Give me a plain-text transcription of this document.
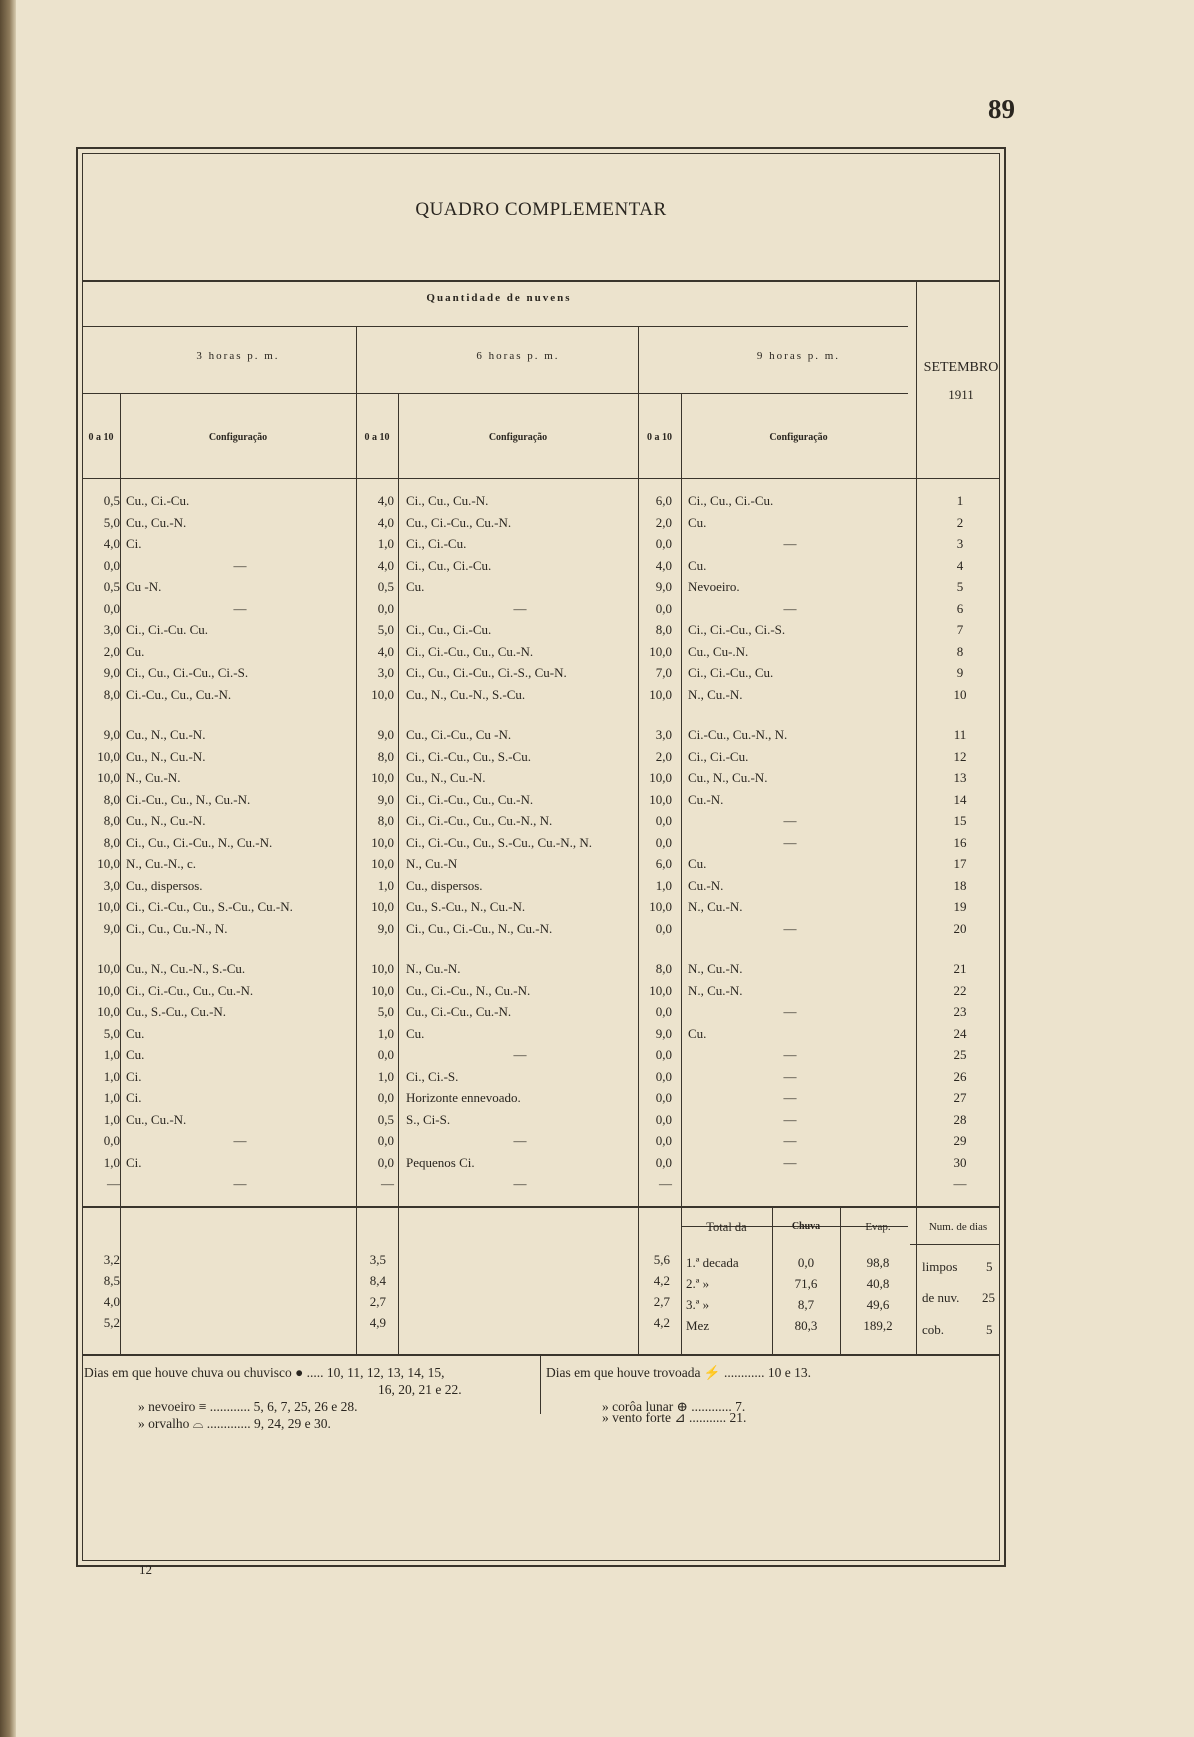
89
QUADRO COMPLEMENTAR
Quantidade de nuvens
3 horas p. m.	6 horas p. m.	9 horas p. m.
SETEMBRO
1911
0 a 10	Configuração	0 a 10	Configuração	0 a 10	Configuração
0,5 Cu., Ci.-Cu.	4,0 Ci., Cu., Cu.-N.	6,0 Ci., Cu., Ci.-Cu.	1
5,0 Cu., Cu.-N.	4,0 Cu., Ci.-Cu., Cu.-N.	2,0 Cu.	2
4,0 Ci.	1,0 Ci., Ci.-Cu.	0,0	—	3
0,0	—	4,0 Ci., Cu., Ci.-Cu.	4,0 Cu.	4
0,5 Cu -N.	0,5 Cu.	9,0 Nevoeiro.	5
0,0	—	0,0	—	0,0	—	6
3,0 Ci., Ci.-Cu. Cu.	5,0 Ci., Cu., Ci.-Cu.	8,0 Ci., Ci.-Cu., Ci.-S.	7
2,0 Cu.	4,0 Ci., Ci.-Cu., Cu., Cu.-N.	10,0 Cu., Cu-.N.	8
9,0 Ci., Cu., Ci.-Cu., Ci.-S.	3,0 Ci., Cu., Ci.-Cu., Ci.-S., Cu-N.	7,0 Ci., Ci.-Cu., Cu.	9
8,0 Ci.-Cu., Cu., Cu.-N.	10,0 Cu., N., Cu.-N., S.-Cu.	10,0 N., Cu.-N.	10
9,0 Cu., N., Cu.-N.	9,0 Cu., Ci.-Cu., Cu -N.	3,0 Ci.-Cu., Cu.-N., N.	11
10,0 Cu., N., Cu.-N.	8,0 Ci., Ci.-Cu., Cu., S.-Cu.	2,0 Ci., Ci.-Cu.	12
10,0 N., Cu.-N.	10,0 Cu., N., Cu.-N.	10,0 Cu., N., Cu.-N.	13
8,0 Ci.-Cu., Cu., N., Cu.-N.	9,0 Ci., Ci.-Cu., Cu., Cu.-N.	10,0 Cu.-N.	14
8,0 Cu., N., Cu.-N.	8,0 Ci., Ci.-Cu., Cu., Cu.-N., N.	0,0	—	15
8,0 Ci., Cu., Ci.-Cu., N., Cu.-N.	10,0 Ci., Ci.-Cu., Cu., S.-Cu., Cu.-N., N.	0,0	—	16
10,0 N., Cu.-N., c.	10,0 N., Cu.-N	6,0 Cu.	17
3,0 Cu., dispersos.	1,0 Cu., dispersos.	1,0 Cu.-N.	18
10,0 Ci., Ci.-Cu., Cu., S.-Cu., Cu.-N.	10,0 Cu., S.-Cu., N., Cu.-N.	10,0 N., Cu.-N.	19
9,0 Ci., Cu., Cu.-N., N.	9,0 Ci., Cu., Ci.-Cu., N., Cu.-N.	0,0	—	20
10,0 Cu., N., Cu.-N., S.-Cu.	10,0 N., Cu.-N.	8,0 N., Cu.-N.	21
10,0 Ci., Ci.-Cu., Cu., Cu.-N.	10,0 Cu., Ci.-Cu., N., Cu.-N.	10,0 N., Cu.-N.	22
10,0 Cu., S.-Cu., Cu.-N.	5,0 Cu., Ci.-Cu., Cu.-N.	0,0	—	23
5,0 Cu.	1,0 Cu.	9,0 Cu.	24
1,0 Cu.	0,0	—	0,0	—	25
1,0 Ci.	1,0 Ci., Ci.-S.	0,0	—	26
1,0 Ci.	0,0 Horizonte ennevoado.	0,0	—	27
1,0 Cu., Cu.-N.	0,5 S., Ci-S.	0,0	—	28
0,0	—	0,0	—	0,0	—	29
1,0 Ci.	0,0 Pequenos Ci.	0,0	—	30
—	—	—	—	—	—
3,2	3,5	5,6
8,5	8,4	4,2
4,0	2,7	2,7
5,2	4,9	4,2
Total da	Chuva	Evap.
1.ª decada	0,0	98,8
2.ª »	71,6	40,8
3.ª »	8,7	49,6
Mez	80,3	189,2
Num. de dias
limpos 5
de nuv. 25
cob.	5
Dias em que houve chuva ou chuvisco ● ..... 10, 11, 12, 13, 14, 15,
16, 20, 21 e 22.
» nevoeiro ≡ ............ 5, 6, 7, 25, 26 e 28.
» orvalho ⌓ ............. 9, 24, 29 e 30.
Dias em que houve trovoada ⚡ ............ 10 e 13.
» corôa lunar ⊕ ............ 7.
» vento forte ⊿ ........... 21.
12
